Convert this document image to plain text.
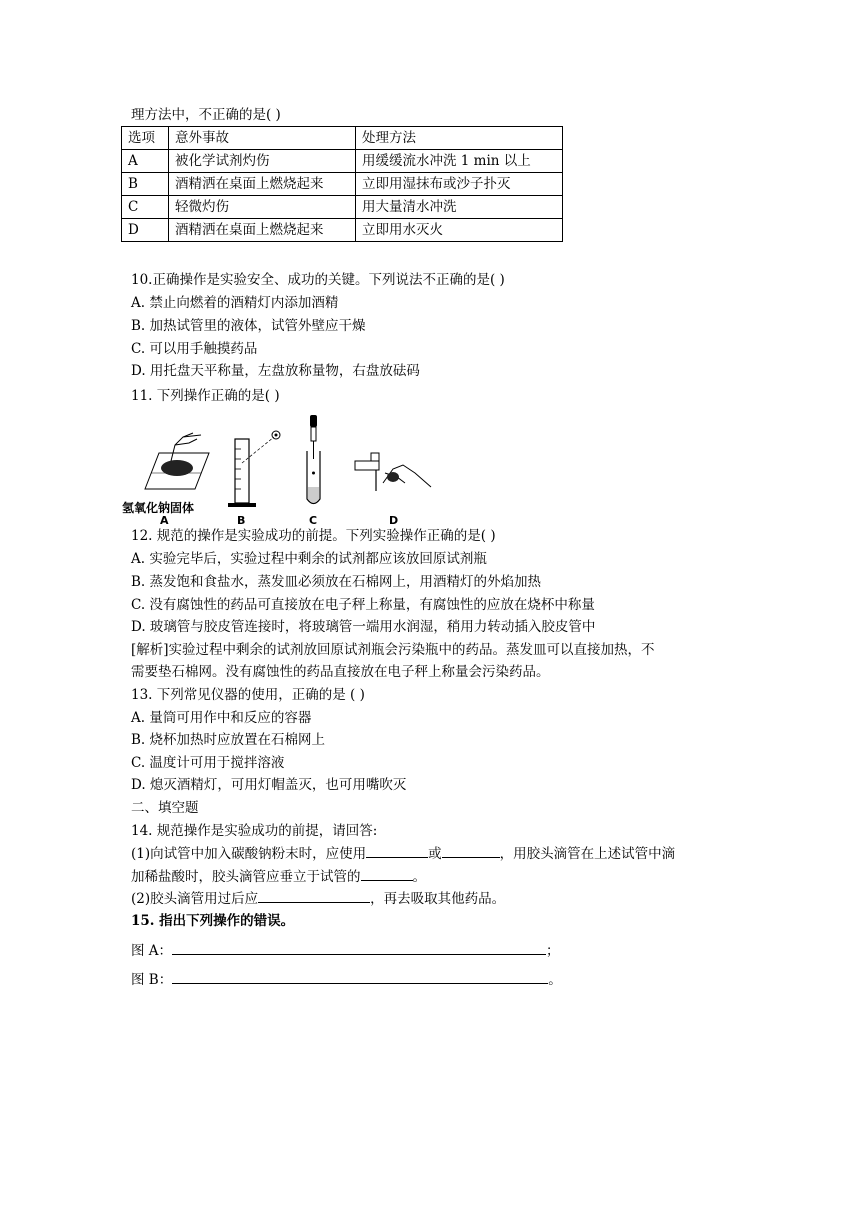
理方法中，不正确的是( )
选项	意外事故	处理方法
A	被化学试剂灼伤	用缓缓流水冲洗 1 min 以上
B	酒精洒在桌面上燃烧起来	立即用湿抹布或沙子扑灭
C	轻微灼伤	用大量清水冲洗
D	酒精洒在桌面上燃烧起来	立即用水灭火
10.正确操作是实验安全、成功的关键。下列说法不正确的是( )
A. 禁止向燃着的酒精灯内添加酒精
B. 加热试管里的液体，试管外壁应干燥
C. 可以用手触摸药品
D. 用托盘天平称量，左盘放称量物，右盘放砝码
11. 下列操作正确的是( )
氢氧化钠固体
A	B	C	D
12. 规范的操作是实验成功的前提。下列实验操作正确的是( )
A. 实验完毕后，实验过程中剩余的试剂都应该放回原试剂瓶
B. 蒸发饱和食盐水，蒸发皿必须放在石棉网上，用酒精灯的外焰加热
C. 没有腐蚀性的药品可直接放在电子秤上称量，有腐蚀性的应放在烧杯中称量
D. 玻璃管与胶皮管连接时，将玻璃管一端用水润湿，稍用力转动插入胶皮管中
[解析]实验过程中剩余的试剂放回原试剂瓶会污染瓶中的药品。蒸发皿可以直接加热，不
需要垫石棉网。没有腐蚀性的药品直接放在电子秤上称量会污染药品。
13. 下列常见仪器的使用，正确的是 ( )
A. 量筒可用作中和反应的容器
B. 烧杯加热时应放置在石棉网上
C. 温度计可用于搅拌溶液
D. 熄灭酒精灯，可用灯帽盖灭，也可用嘴吹灭
二、填空题
14. 规范操作是实验成功的前提，请回答:
(1)向试管中加入碳酸钠粉末时，应使用	或	，用胶头滴管在上述试管中滴
加稀盐酸时，胶头滴管应垂立于试管的	。
(2)胶头滴管用过后应	，再去吸取其他药品。
15. 指出下列操作的错误。
图 A：	；
图 B：	。
